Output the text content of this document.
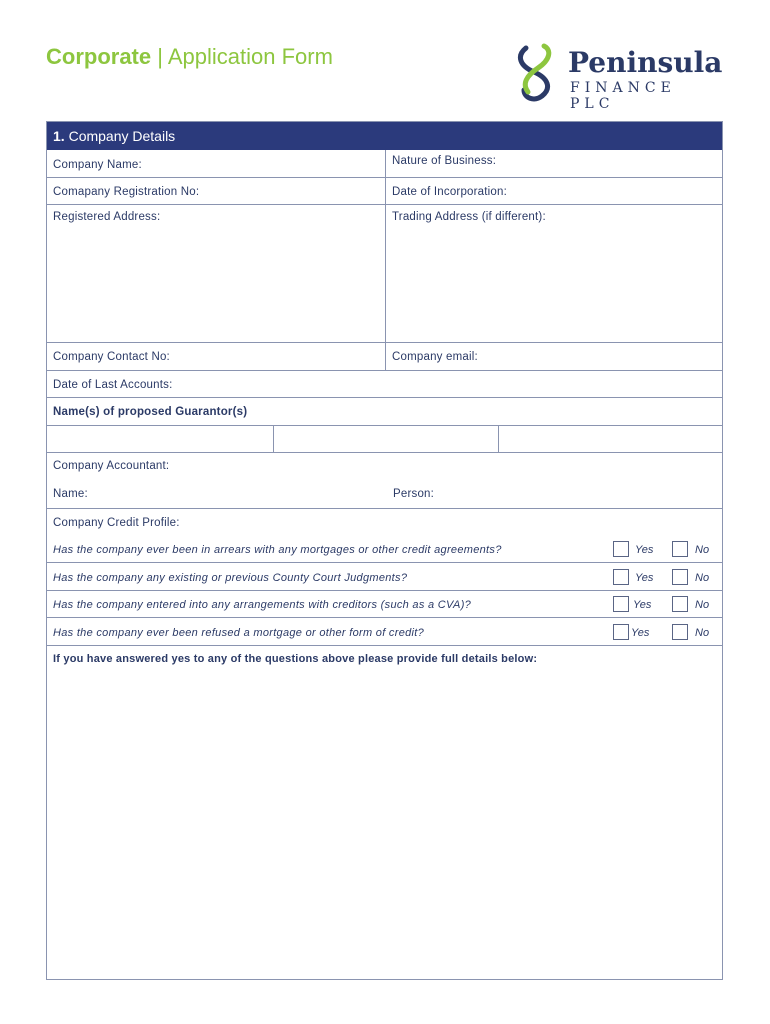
Corporate | Application Form	Peninsula
FINANCE PLC
1. Company Details
Company Name:	Nature of Business:
Comapany Registration No:	Date of Incorporation:
Registered Address:	Trading Address (if different):
Company Contact No:	Company email:
Date of Last Accounts:
Name(s) of proposed Guarantor(s)
Company Accountant:
Name:	Person:
Company Credit Profile:
Has the company ever been in arrears with any mortgages or other credit agreements?	Yes	No
Has the company any existing or previous County Court Judgments?	Yes	No
Has the company entered into any arrangements with creditors (such as a CVA)?	Yes	No
Has the company ever been refused a mortgage or other form of credit?	Yes	No
If you have answered yes to any of the questions above please provide full details below:
